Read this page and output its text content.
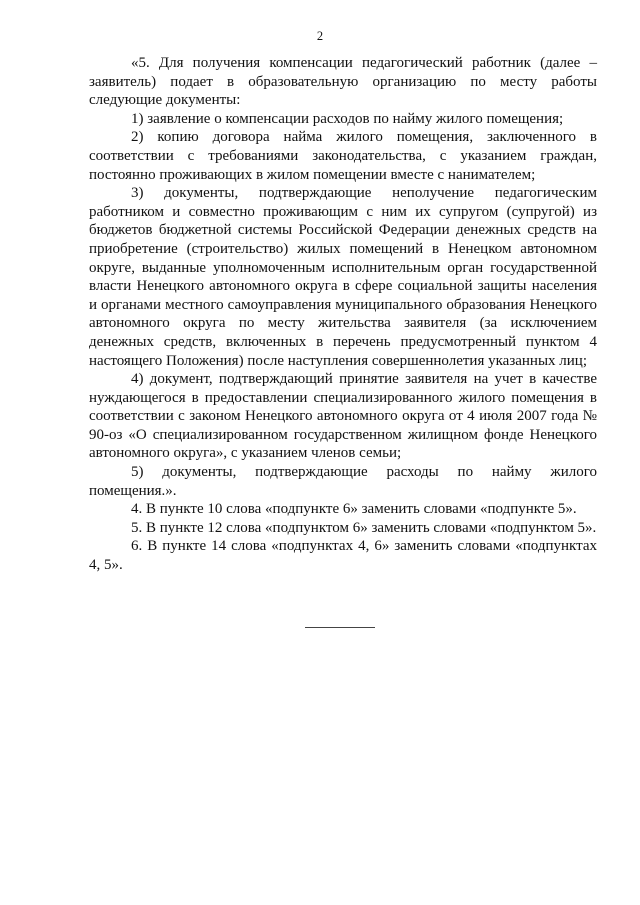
2

«5. Для получения компенсации педагогический работник (далее – заявитель) подает в образовательную организацию по месту работы следующие документы:

1) заявление о компенсации расходов по найму жилого помещения;

2) копию договора найма жилого помещения, заключенного в соответствии с требованиями законодательства, с указанием граждан, постоянно проживающих в жилом помещении вместе с нанимателем;

3) документы, подтверждающие неполучение педагогическим работником и совместно проживающим с ним их супругом (супругой) из бюджетов бюджетной системы Российской Федерации денежных средств на приобретение (строительство) жилых помещений в Ненецком автономном округе, выданные уполномоченным исполнительным орган государственной власти Ненецкого автономного округа в сфере социальной защиты населения и органами местного самоуправления муниципального образования Ненецкого автономного округа по месту жительства заявителя (за исключением денежных средств, включенных в перечень предусмотренный пунктом 4 настоящего Положения) после наступления совершеннолетия указанных лиц;

4) документ, подтверждающий принятие заявителя на учет в качестве нуждающегося в предоставлении специализированного жилого помещения в соответствии с законом Ненецкого автономного округа от 4 июля 2007 года № 90-оз «О специализированном государственном жилищном фонде Ненецкого автономного округа», с указанием членов семьи;

5) документы, подтверждающие расходы по найму жилого помещения.».

4. В пункте 10 слова «подпункте 6» заменить словами «подпункте 5».

5. В пункте 12 слова «подпунктом 6» заменить словами «подпунктом 5».

6. В пункте 14 слова «подпунктах 4, 6» заменить словами «подпунктах 4, 5».
